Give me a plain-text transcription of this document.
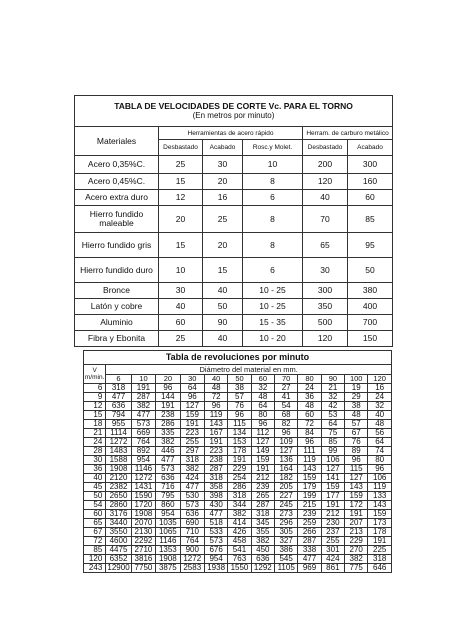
TABLA DE VELOCIDADES DE CORTE Vc. PARA EL TORNO
(En metros por minuto)					

Materiales	Herramientas de acero rápido			Herram. de carburo metálico	
	Desbastado	Acabado	Rosc.y Molet.	Desbastado	Acabado
Acero 0,35%C.	25	30	10	200	300
Acero 0,45%C.	15	20	8	120	160
Acero extra duro	12	16	6	40	60
Hierro fundido maleable	20	25	8	70	85
Hierro fundido gris	15	20	8	65	95
Hierro fundido duro	10	15	6	30	50
Bronce	30	40	10 - 25	300	380
Latón y cobre	40	50	10 - 25	350	400
Aluminio	60	90	15 - 35	500	700
Fibra y Ebonita	25	40	10 - 20	120	150
Tabla de revoluciones por minuto												
V m/min.	Diámetro del material en mm.											
	6	10	20	30	40	50	60	70	80	90	100	120
6	318	191	96	64	48	38	32	27	24	21	19	16
9	477	287	144	96	72	57	48	41	36	32	29	24
12	636	382	191	127	96	76	64	54	48	42	38	32
15	794	477	238	159	119	96	80	68	60	53	48	40
18	955	573	286	191	143	115	96	82	72	64	57	48
21	1114	669	335	223	167	134	112	96	84	75	67	56
24	1272	764	382	255	191	153	127	109	96	85	76	64
28	1483	892	446	297	223	178	149	127	111	99	89	74
30	1588	954	477	318	238	191	159	136	119	106	96	80
36	1908	1146	573	382	287	229	191	164	143	127	115	96
40	2120	1272	636	424	318	254	212	182	159	141	127	106
45	2382	1431	716	477	358	286	239	205	179	159	143	119
50	2650	1590	795	530	398	318	265	227	199	177	159	133
54	2860	1720	860	573	430	344	287	245	215	191	172	143
60	3176	1908	954	636	477	382	318	273	239	212	191	159
65	3440	2070	1035	690	518	414	345	296	259	230	207	173
67	3550	2130	1065	710	533	426	355	305	266	237	213	178
72	4600	2292	1146	764	573	458	382	327	287	255	229	191
85	4475	2710	1353	900	676	541	450	386	338	301	270	225
120	6352	3816	1908	1272	954	763	636	545	477	424	382	318
243	12900	7750	3875	2583	1938	1550	1292	1105	969	861	775	646
